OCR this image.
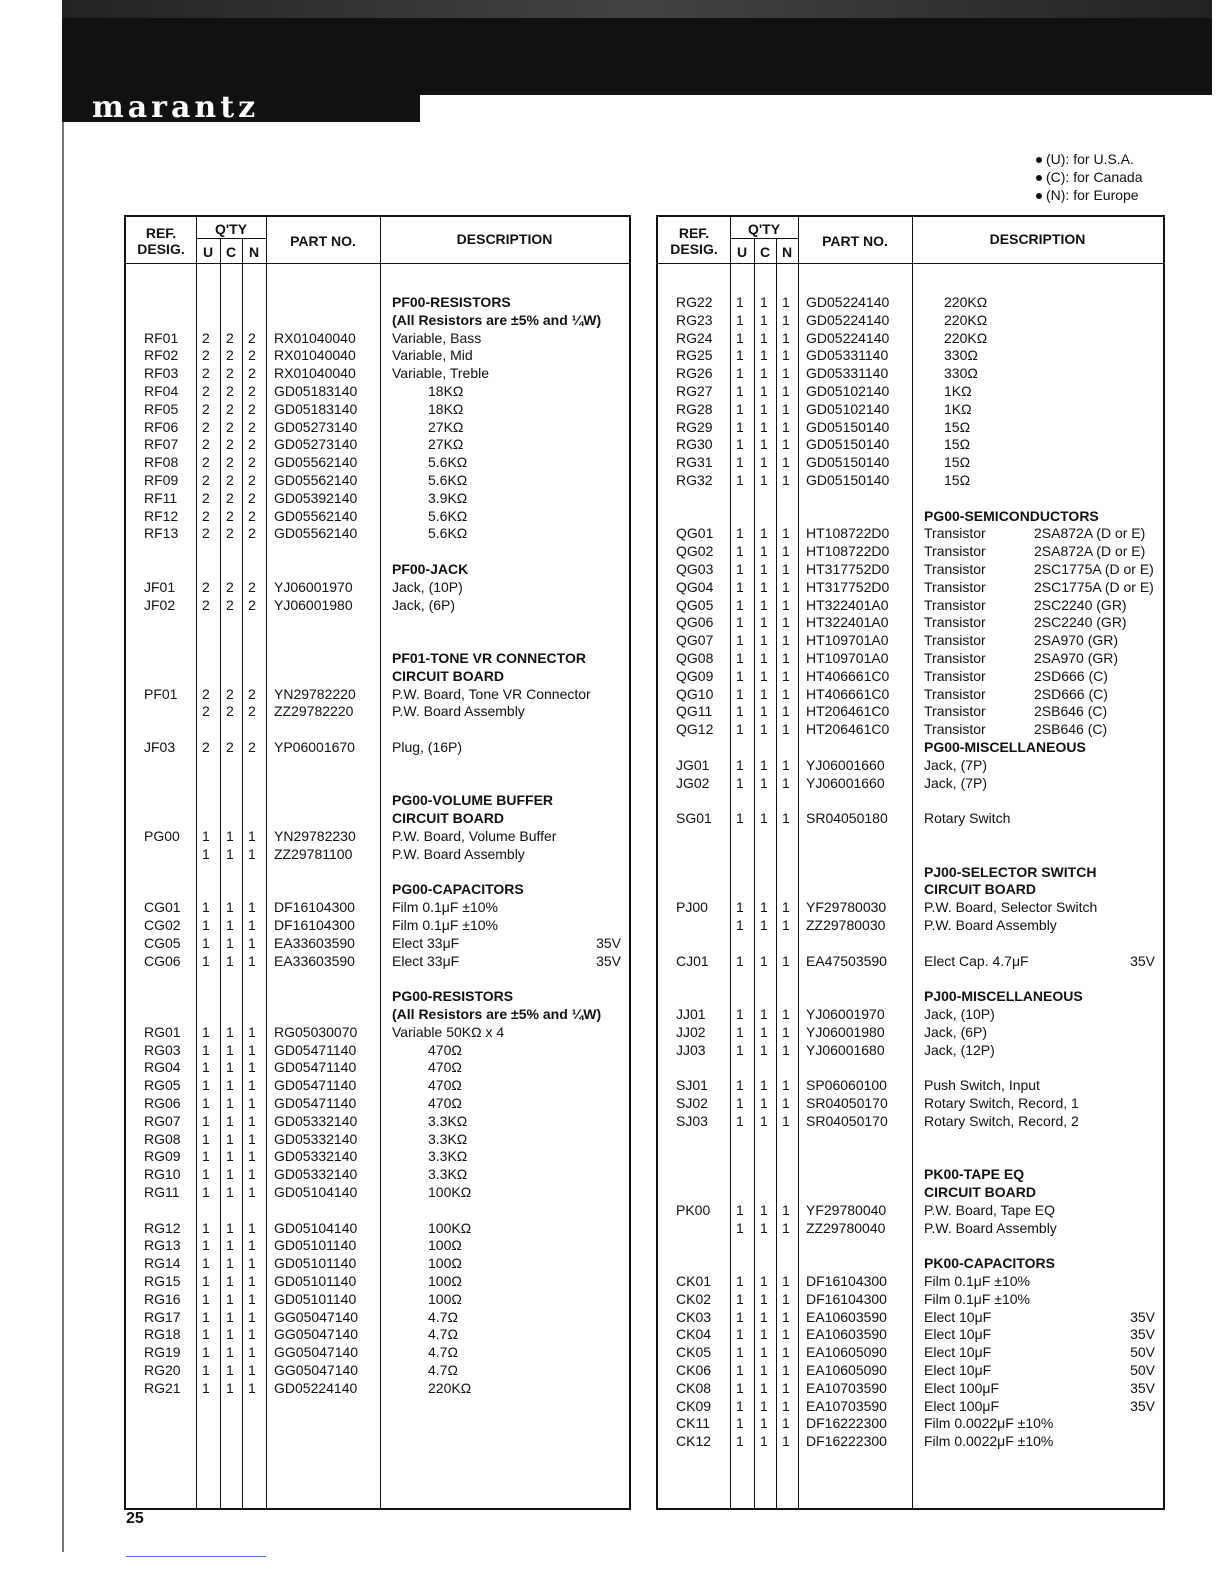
marantz
(U): for U.S.A.
(C): for Canada
(N): for Europe
REF.
DESIG.
Q'TY
U C N
PART NO.	DESCRIPTION
PF00-RESISTORS
(All Resistors are ±5% and ¼W)
RF01 2 2 2 RX01040040	Variable, Bass
RF02 2 2 2 RX01040040	Variable, Mid
RF03 2 2 2 RX01040040	Variable, Treble
RF04 2 2 2 GD05183140	18KΩ
RF05 2 2 2 GD05183140	18KΩ
RF06 2 2 2 GD05273140	27KΩ
RF07 2 2 2 GD05273140	27KΩ
RF08 2 2 2 GD05562140	5.6KΩ
RF09 2 2 2 GD05562140	5.6KΩ
RF11 2 2 2 GD05392140	3.9KΩ
RF12 2 2 2 GD05562140	5.6KΩ
RF13 2 2 2 GD05562140	5.6KΩ
PF00-JACK
JF01 2 2 2 YJ06001970	Jack, (10P)
JF02 2 2 2 YJ06001980	Jack, (6P)
PF01-TONE VR CONNECTOR
CIRCUIT BOARD
PF01 2 2 2 YN29782220	P.W. Board, Tone VR Connector
2 2 2 ZZ29782220	P.W. Board Assembly
JF03 2 2 2 YP06001670	Plug, (16P)
PG00-VOLUME BUFFER
CIRCUIT BOARD
PG00 1 1 1 YN29782230	P.W. Board, Volume Buffer
1 1 1 ZZ29781100	P.W. Board Assembly
PG00-CAPACITORS
CG01 1 1 1 DF16104300	Film 0.1μF ±10%
CG02 1 1 1 DF16104300	Film 0.1μF ±10%
CG05 1 1 1 EA33603590	Elect 33μF	35V
CG06 1 1 1 EA33603590	Elect 33μF	35V
PG00-RESISTORS
(All Resistors are ±5% and ¼W)
RG01 1 1 1 RG05030070 Variable 50KΩ x 4
RG03 1 1 1 GD05471140	470Ω
RG04 1 1 1 GD05471140	470Ω
RG05 1 1 1 GD05471140	470Ω
RG06 1 1 1 GD05471140	470Ω
RG07 1 1 1 GD05332140	3.3KΩ
RG08 1 1 1 GD05332140	3.3KΩ
RG09 1 1 1 GD05332140	3.3KΩ
RG10 1 1 1 GD05332140	3.3KΩ
RG11 1 1 1 GD05104140	100KΩ
RG12 1 1 1 GD05104140	100KΩ
RG13 1 1 1 GD05101140	100Ω
RG14 1 1 1 GD05101140	100Ω
RG15 1 1 1 GD05101140	100Ω
RG16 1 1 1 GD05101140	100Ω
RG17 1 1 1 GG05047140	4.7Ω
RG18 1 1 1 GG05047140	4.7Ω
RG19 1 1 1 GG05047140	4.7Ω
RG20 1 1 1 GG05047140	4.7Ω
RG21 1 1 1 GD05224140	220KΩ
REF.
DESIG.
Q'TY
U C N
PART NO.	DESCRIPTION
RG22 1 1 1 GD05224140	220KΩ
RG23 1 1 1 GD05224140	220KΩ
RG24 1 1 1 GD05224140	220KΩ
RG25 1 1 1 GD05331140	330Ω
RG26 1 1 1 GD05331140	330Ω
RG27 1 1 1 GD05102140	1KΩ
RG28 1 1 1 GD05102140	1KΩ
RG29 1 1 1 GD05150140	15Ω
RG30 1 1 1 GD05150140	15Ω
RG31 1 1 1 GD05150140	15Ω
RG32 1 1 1 GD05150140	15Ω
PG00-SEMICONDUCTORS
QG01 1 1 1 HT108722D0 Transistor	2SA872A (D or E)
QG02 1 1 1 HT108722D0 Transistor	2SA872A (D or E)
QG03 1 1 1 HT317752D0 Transistor	2SC1775A (D or E)
QG04 1 1 1 HT317752D0 Transistor	2SC1775A (D or E)
QG05 1 1 1 HT322401A0	Transistor	2SC2240 (GR)
QG06 1 1 1 HT322401A0	Transistor	2SC2240 (GR)
QG07 1 1 1 HT109701A0	Transistor	2SA970 (GR)
QG08 1 1 1 HT109701A0	Transistor	2SA970 (GR)
QG09 1 1 1 HT406661C0 Transistor	2SD666 (C)
QG10 1 1 1 HT406661C0 Transistor	2SD666 (C)
QG11 1 1 1 HT206461C0 Transistor	2SB646 (C)
QG12 1 1 1 HT206461C0 Transistor	2SB646 (C)
PG00-MISCELLANEOUS
JG01 1 1 1 YJ06001660	Jack, (7P)
JG02 1 1 1 YJ06001660	Jack, (7P)
SG01 1 1 1 SR04050180	Rotary Switch
PJ00-SELECTOR SWITCH
CIRCUIT BOARD
PJ00 1 1 1 YF29780030	P.W. Board, Selector Switch
1 1 1 ZZ29780030	P.W. Board Assembly
CJ01 1 1 1 EA47503590	Elect Cap. 4.7μF	35V
PJ00-MISCELLANEOUS
JJ01 1 1 1 YJ06001970	Jack, (10P)
JJ02 1 1 1 YJ06001980	Jack, (6P)
JJ03 1 1 1 YJ06001680	Jack, (12P)
SJ01 1 1 1 SP06060100	Push Switch, Input
SJ02 1 1 1 SR04050170	Rotary Switch, Record, 1
SJ03 1 1 1 SR04050170	Rotary Switch, Record, 2
PK00-TAPE EQ
CIRCUIT BOARD
PK00 1 1 1 YF29780040	P.W. Board, Tape EQ
1 1 1 ZZ29780040	P.W. Board Assembly
PK00-CAPACITORS
CK01 1 1 1 DF16104300	Film 0.1μF ±10%
CK02 1 1 1 DF16104300	Film 0.1μF ±10%
CK03 1 1 1 EA10603590	Elect 10μF	35V
CK04 1 1 1 EA10603590	Elect 10μF	35V
CK05 1 1 1 EA10605090	Elect 10μF	50V
CK06 1 1 1 EA10605090	Elect 10μF	50V
CK08 1 1 1 EA10703590	Elect 100μF	35V
CK09 1 1 1 EA10703590	Elect 100μF	35V
CK11 1 1 1 DF16222300	Film 0.0022μF ±10%
CK12 1 1 1 DF16222300	Film 0.0022μF ±10%
25
